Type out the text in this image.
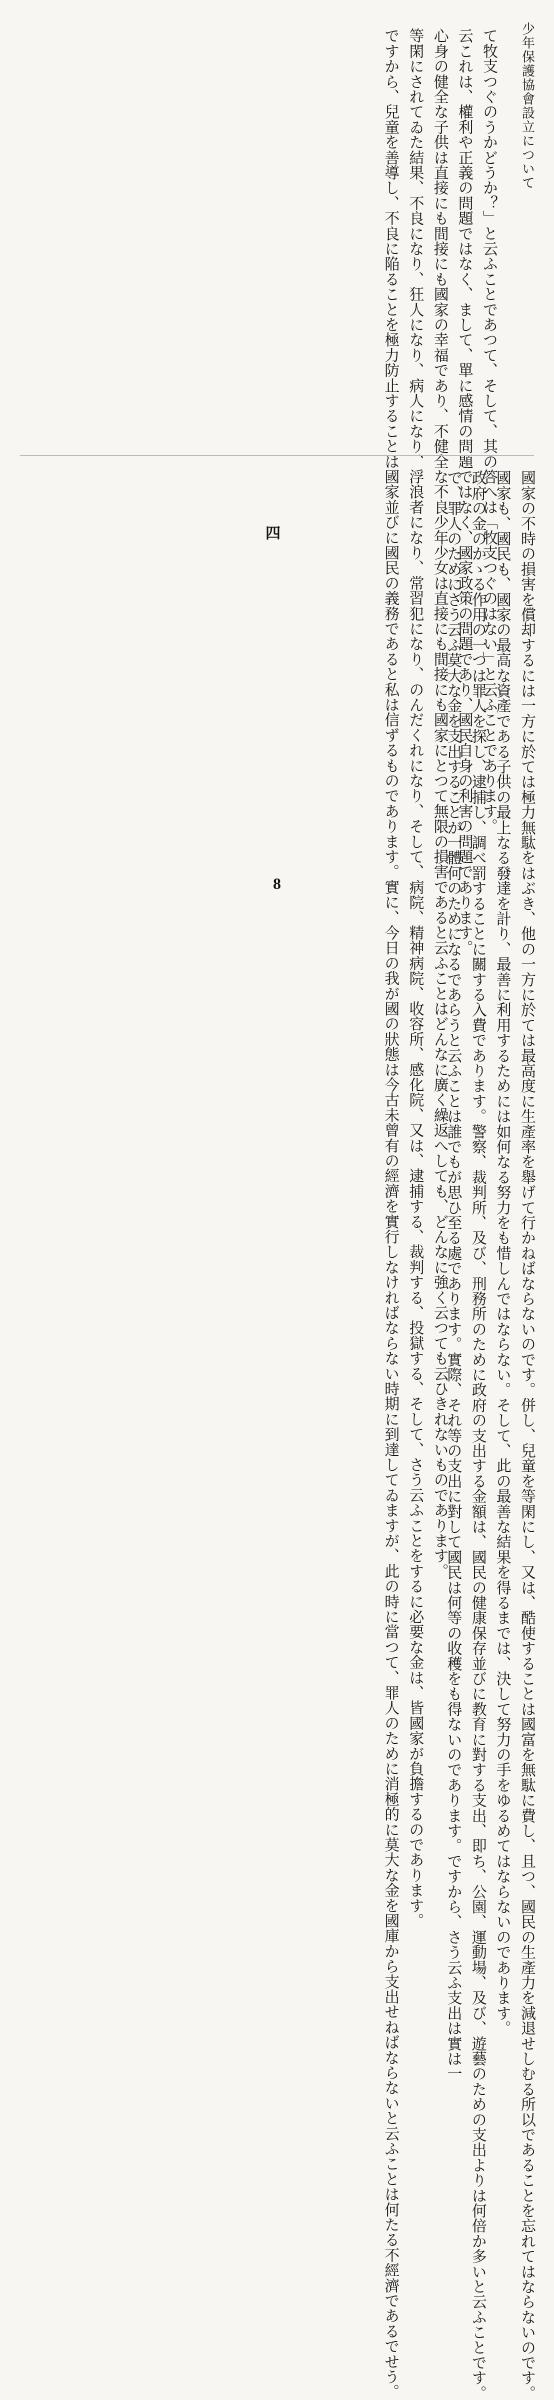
少年保護協會設立について

て牧支つぐのうかどうか？」と云ふことであつて、そして、其の答へは「牧支つぐのはない」と云ふことであります。

云これは、權利や正義の問題ではなく、まして、單に感情の問題ではなく、國家政策の問題であり、國民自身の利害の問題であります。

心身の健全な子供は直接にも間接にも國家の幸福であり、不健全な不良少年少女は直接にも間接にも國家にとつて無限の損害であると云ふことはどんなに廣く繰返へしても、どんなに強く云つても云ひきれないものであります。

等閑にされてゐた結果、不良になり、狂人になり、病人になり、浮浪者になり、常習犯になり、のんだくれになり、そして、病院、精神病院、收容所、感化院、又は、逮捕する、裁判する、投獄する、そして、さう云ふことをするに必要な金は、皆國家が負擔するのであります。

ですから、兒童を善導し、不良に陥ることを極力防止することは國家並びに國民の義務であると私は信ずるものであります。實に、今日の我が國の狀態は今古未曾有の經濟を實行しなければならない時期に到達してゐますが、此の時に當つて、罪人のために消極的に莫大な金を國庫から支出せねばならないと云ふことは何たる不經濟であるでせう。

四	國家の不時の損害を償却するには一方に於ては極力無駄をはぶき、他の一方に於ては最高度に生產率を舉げて行かねばならないのです。併し、兒童を等閑にし、又は、酷使することは國富を無駄に費し、且つ、國民の生產力を減退せしむる所以であることを忘れてはならないのです。

國家も、國民も、國家の最高な資產である子供の最上なる發達を計り、最善に利用するためには如何なる努力をも惜しんではならない。そして、此の最善な結果を得るまでは、決して努力の手をゆるめてはならないのであります。

政府の金のかゝる作用の一つは罪人を探し、逮捕し、調べ罰することに關する入費であります。警察、裁判所、及び、刑務所のために政府の支出する金額は、國民の健康保存並びに教育に對する支出、即ち、公園、運動場、及び、遊藝のための支出よりは何倍か多いと云ふことです。

で、罪人のためにさう云ふ莫大な金を支出することが一體何のためになるであらうと云ふことは誰でもが思ひ至る處であります。實際、それ等の支出に對して國民は何等の收穫をも得ないのであります。ですから、さう云ふ支出は實は一

8
